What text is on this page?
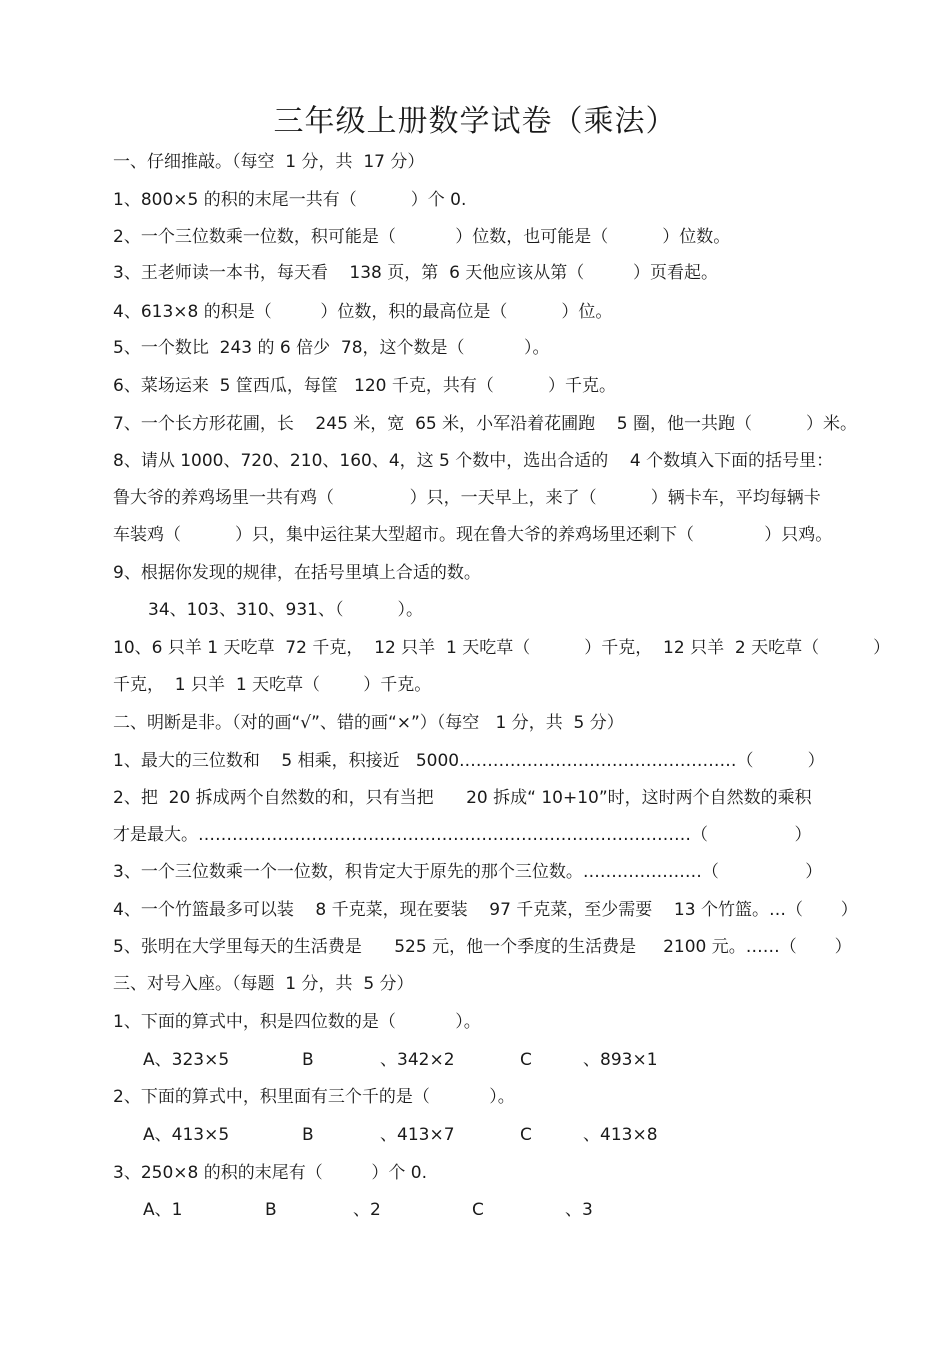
三年级上册数学试卷（乘法）
一、仔细推敲。（每空  1 分，共  17 分）
1、800×5 的积的末尾一共有（          ）个 0.
2、一个三位数乘一位数，积可能是（           ）位数，也可能是（          ）位数。
3、王老师读一本书，每天看    138 页，第  6 天他应该从第（         ）页看起。
4、613×8 的积是（         ）位数，积的最高位是（          ）位。
5、一个数比  243 的 6 倍少  78，这个数是（           ）。
6、菜场运来  5 筐西瓜，每筐   120 千克，共有（          ）千克。
7、一个长方形花圃，长    245 米，宽  65 米，小军沿着花圃跑    5 圈，他一共跑（          ）米。
8、请从 1000、720、210、160、4，这 5 个数中，选出合适的    4 个数填入下面的括号里：
鲁大爷的养鸡场里一共有鸡（              ）只，一天早上，来了（          ）辆卡车，平均每辆卡
车装鸡（          ）只，集中运往某大型超市。现在鲁大爷的养鸡场里还剩下（             ）只鸡。
9、根据你发现的规律，在括号里填上合适的数。
34、103、310、931、（          ）。
10、6 只羊 1 天吃草  72 千克，  12 只羊  1 天吃草（          ）千克，  12 只羊  2 天吃草（          ）
千克，  1 只羊  1 天吃草（        ）千克。
二、明断是非。（对的画“√”、错的画“×”）（每空   1 分，共  5 分）
1、最大的三位数和    5 相乘，积接近   5000.…………………………………………（          ）
2、把  20 拆成两个自然数的和，只有当把      20 拆成“ 10+10”时，这时两个自然数的乘积
才是最大。……………………………………………………………………………（                ）
3、一个三位数乘一个一位数，积肯定大于原先的那个三位数。…………………（                ）
4、一个竹篮最多可以装    8 千克菜，现在要装    97 千克菜，至少需要    13 个竹篮。…（       ）
5、张明在大学里每天的生活费是      525 元，他一个季度的生活费是     2100 元。……（       ）
三、对号入座。（每题  1 分，共  5 分）
1、下面的算式中，积是四位数的是（           ）。
A、323×5	B	、342×2	C	、893×1
2、下面的算式中，积里面有三个千的是（           ）。
A、413×5	B	、413×7	C	、413×8
3、250×8 的积的末尾有（         ）个 0.
A、1	B	、2	C	、3
